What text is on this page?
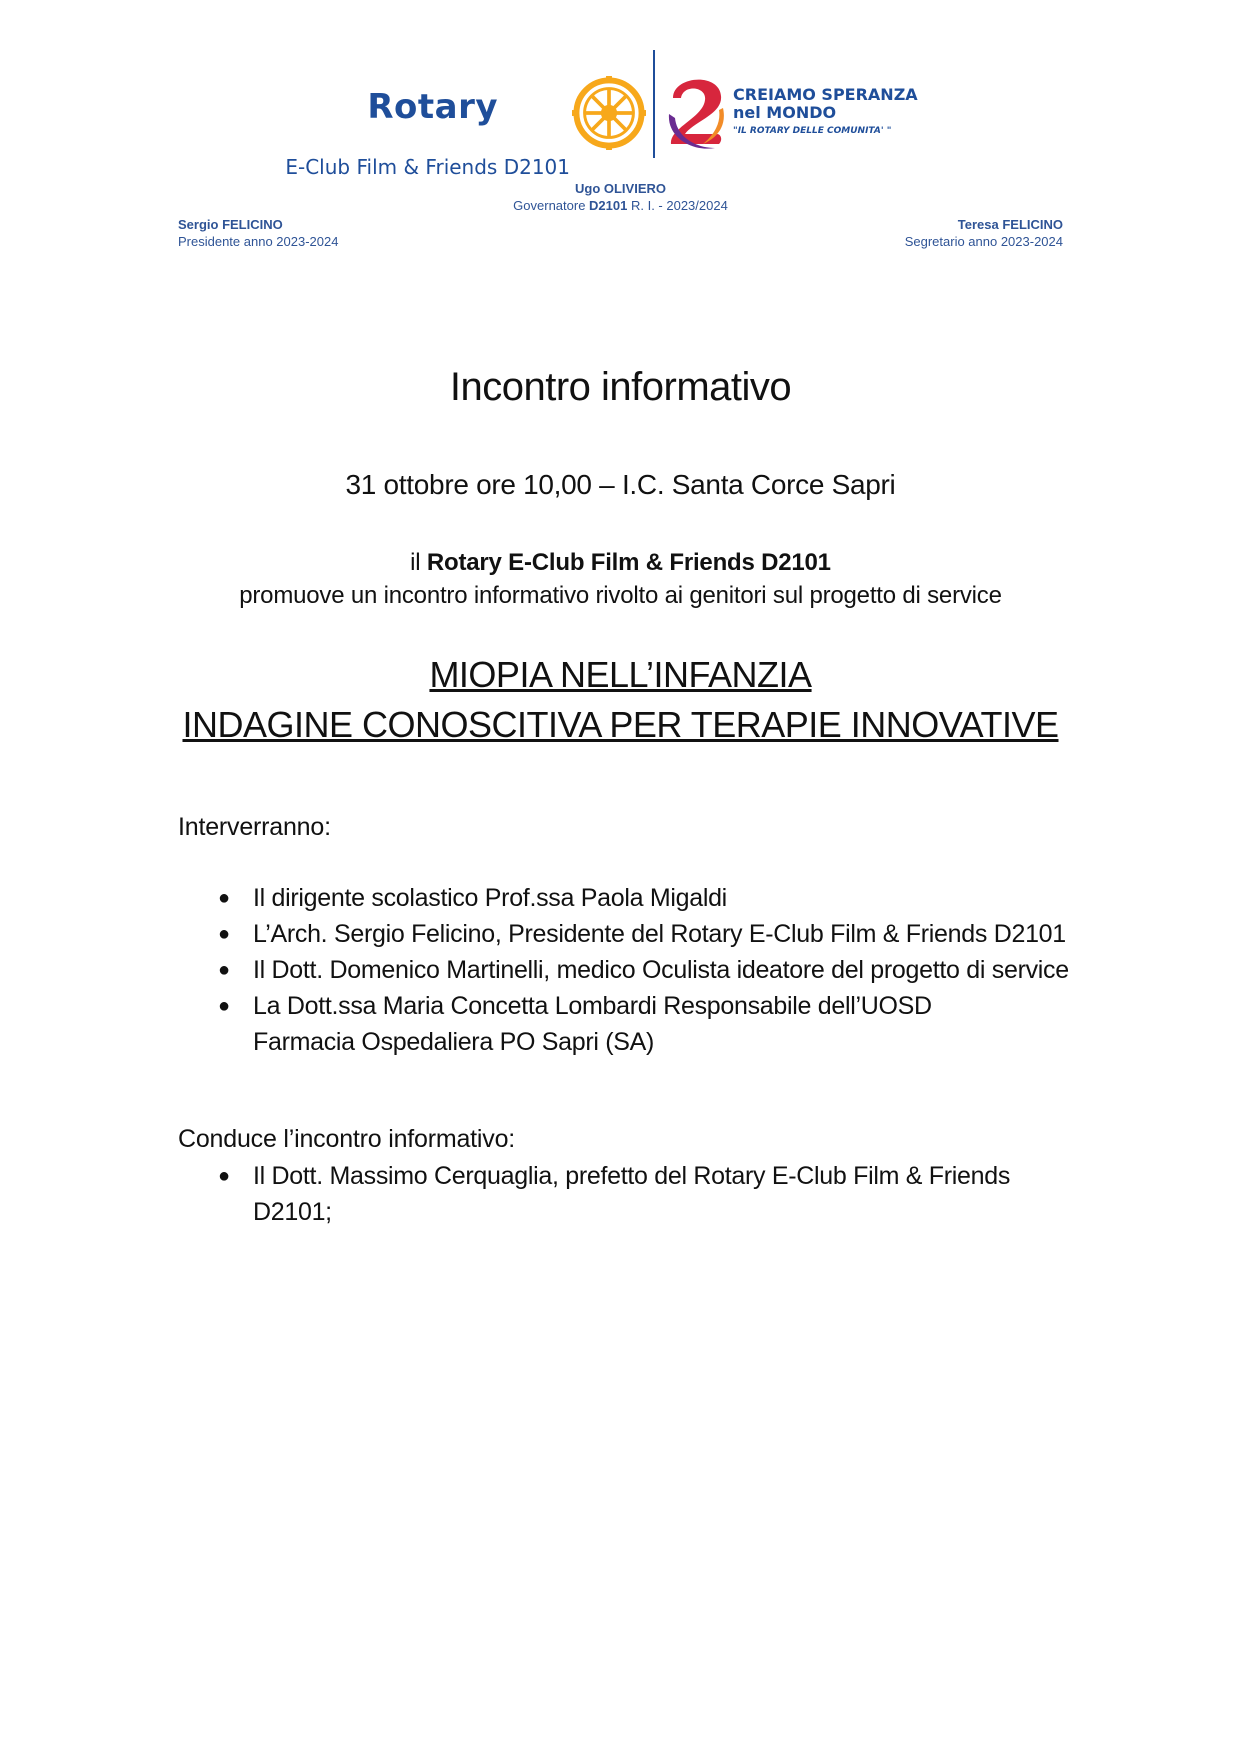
Rotary
E-Club Film & Friends D2101
CREIAMO SPERANZA
nel MONDO
"IL ROTARY DELLE COMUNITA' "
Ugo OLIVIERO
Governatore D2101 R. I. - 2023/2024
Sergio FELICINO
Presidente anno 2023-2024
Teresa FELICINO
Segretario anno 2023-2024
Incontro informativo
31 ottobre ore 10,00 – I.C. Santa Corce Sapri
il Rotary E-Club Film & Friends D2101
promuove un incontro informativo rivolto ai genitori sul progetto di service
MIOPIA NELL’INFANZIA
INDAGINE CONOSCITIVA PER TERAPIE INNOVATIVE
Interverranno:
● Il dirigente scolastico Prof.ssa Paola Migaldi
● L’Arch. Sergio Felicino, Presidente del Rotary E-Club Film & Friends D2101
● Il Dott. Domenico Martinelli, medico Oculista ideatore del progetto di service
● La Dott.ssa Maria Concetta Lombardi Responsabile dell’UOSD
Farmacia Ospedaliera PO Sapri (SA)
Conduce l’incontro informativo:
● Il Dott. Massimo Cerquaglia, prefetto del Rotary E-Club Film & Friends D2101;
